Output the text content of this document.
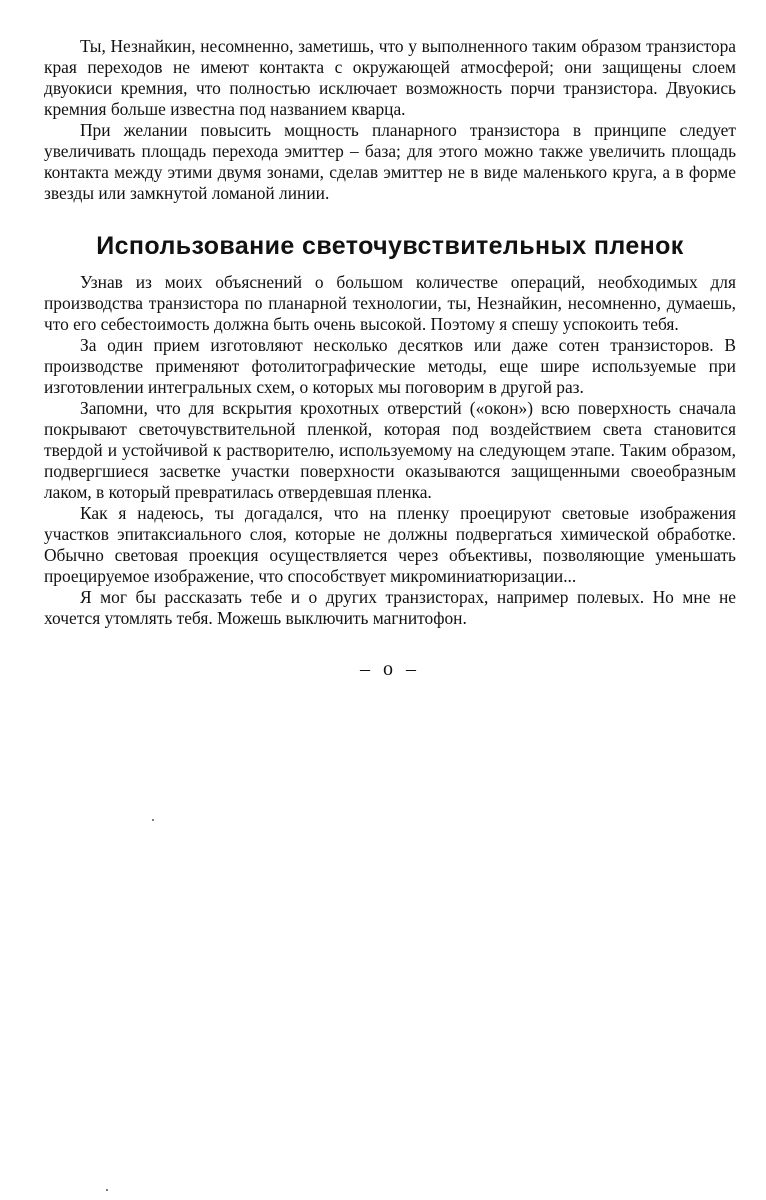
Ты, Незнайкин, несомненно, заметишь, что у выполненного таким образом транзистора края переходов не имеют контакта с окружающей атмосферой; они защищены слоем двуокиси кремния, что полностью исключает возможность порчи транзистора. Двуокись кремния больше известна под названием кварца.

При желании повысить мощность планарного транзистора в принципе следует увеличивать площадь перехода эмиттер – база; для этого можно также увеличить площадь контакта между этими двумя зонами, сделав эмиттер не в виде маленького круга, а в форме звезды или замкнутой ломаной линии.

Использование светочувствительных пленок

Узнав из моих объяснений о большом количестве операций, необходимых для производства транзистора по планарной технологии, ты, Незнайкин, несомненно, думаешь, что его себестоимость должна быть очень высокой. Поэтому я спешу успокоить тебя.

За один прием изготовляют несколько десятков или даже сотен транзисторов. В производстве применяют фотолитографические методы, еще шире используемые при изготовлении интегральных схем, о которых мы поговорим в другой раз.

Запомни, что для вскрытия крохотных отверстий («окон») всю поверхность сначала покрывают светочувствительной пленкой, которая под воздействием света становится твердой и устойчивой к растворителю, используемому на следующем этапе. Таким образом, подвергшиеся засветке участки поверхности оказываются защищенными своеобразным лаком, в который превратилась отвердевшая пленка.

Как я надеюсь, ты догадался, что на пленку проецируют световые изображения участков эпитаксиального слоя, которые не должны подвергаться химической обработке. Обычно световая проекция осуществляется через объективы, позволяющие уменьшать проецируемое изображение, что способствует микроминиатюризации...

Я мог бы рассказать тебе и о других транзисторах, например полевых. Но мне не хочется утомлять тебя. Можешь выключить магнитофон.

– о –
